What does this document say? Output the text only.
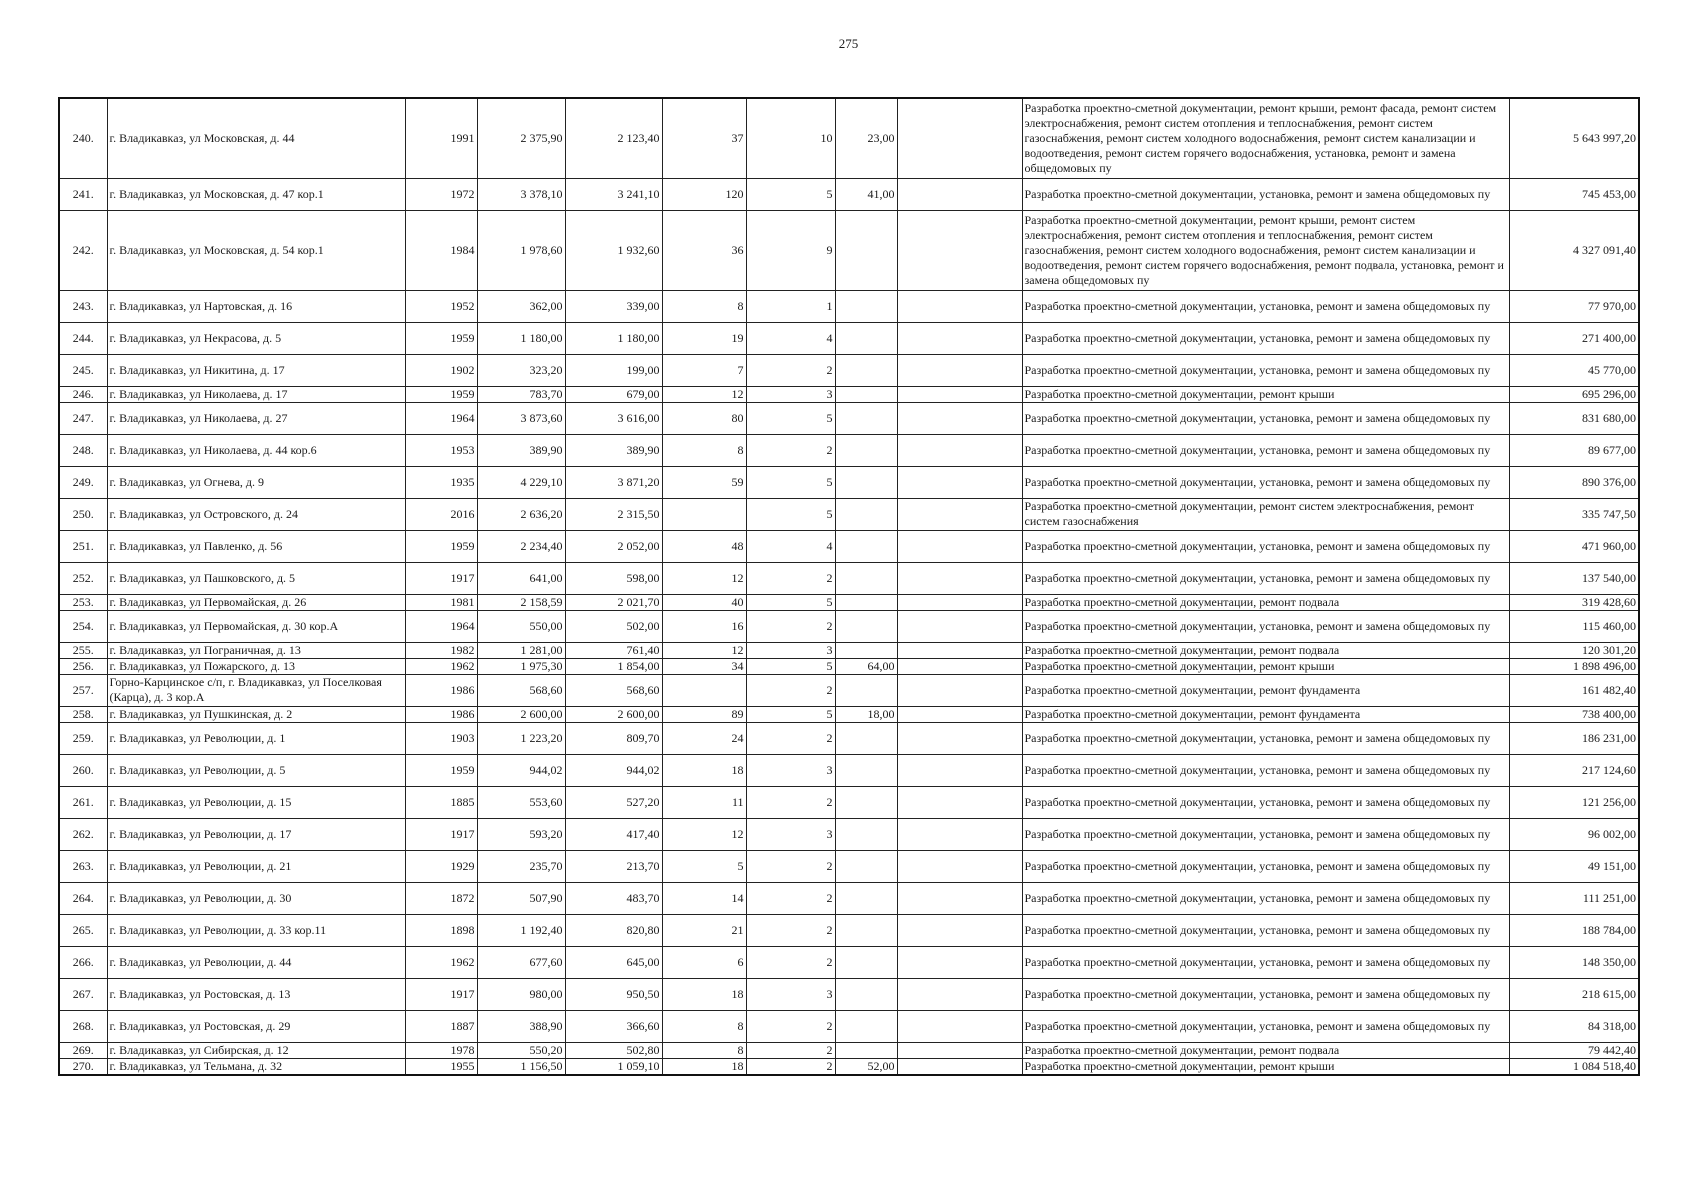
275
240.	г. Владикавказ, ул Московская, д. 44	1991	2 375,90	2 123,40	37	10	23,00		Разработка проектно-сметной документации, ремонт крыши, ремонт фасада, ремонт систем электроснабжения, ремонт систем отопления и теплоснабжения, ремонт систем газоснабжения, ремонт систем холодного водоснабжения, ремонт систем канализации и водоотведения, ремонт систем горячего водоснабжения, установка, ремонт и замена общедомовых пу	5 643 997,20
241.	г. Владикавказ, ул Московская, д. 47 кор.1	1972	3 378,10	3 241,10	120	5	41,00		Разработка проектно-сметной документации, установка, ремонт и замена общедомовых пу	745 453,00
242.	г. Владикавказ, ул Московская, д. 54 кор.1	1984	1 978,60	1 932,60	36	9			Разработка проектно-сметной документации, ремонт крыши, ремонт систем электроснабжения, ремонт систем отопления и теплоснабжения, ремонт систем газоснабжения, ремонт систем холодного водоснабжения, ремонт систем канализации и водоотведения, ремонт систем горячего водоснабжения, ремонт подвала, установка, ремонт и замена общедомовых пу	4 327 091,40
243.	г. Владикавказ, ул Нартовская, д. 16	1952	362,00	339,00	8	1			Разработка проектно-сметной документации, установка, ремонт и замена общедомовых пу	77 970,00
244.	г. Владикавказ, ул Некрасова, д. 5	1959	1 180,00	1 180,00	19	4			Разработка проектно-сметной документации, установка, ремонт и замена общедомовых пу	271 400,00
245.	г. Владикавказ, ул Никитина, д. 17	1902	323,20	199,00	7	2			Разработка проектно-сметной документации, установка, ремонт и замена общедомовых пу	45 770,00
246.	г. Владикавказ, ул Николаева, д. 17	1959	783,70	679,00	12	3			Разработка проектно-сметной документации, ремонт крыши	695 296,00
247.	г. Владикавказ, ул Николаева, д. 27	1964	3 873,60	3 616,00	80	5			Разработка проектно-сметной документации, установка, ремонт и замена общедомовых пу	831 680,00
248.	г. Владикавказ, ул Николаева, д. 44 кор.6	1953	389,90	389,90	8	2			Разработка проектно-сметной документации, установка, ремонт и замена общедомовых пу	89 677,00
249.	г. Владикавказ, ул Огнева, д. 9	1935	4 229,10	3 871,20	59	5			Разработка проектно-сметной документации, установка, ремонт и замена общедомовых пу	890 376,00
250.	г. Владикавказ, ул Островского, д. 24	2016	2 636,20	2 315,50		5			Разработка проектно-сметной документации, ремонт систем электроснабжения, ремонт систем газоснабжения	335 747,50
251.	г. Владикавказ, ул Павленко, д. 56	1959	2 234,40	2 052,00	48	4			Разработка проектно-сметной документации, установка, ремонт и замена общедомовых пу	471 960,00
252.	г. Владикавказ, ул Пашковского, д. 5	1917	641,00	598,00	12	2			Разработка проектно-сметной документации, установка, ремонт и замена общедомовых пу	137 540,00
253.	г. Владикавказ, ул Первомайская, д. 26	1981	2 158,59	2 021,70	40	5			Разработка проектно-сметной документации, ремонт подвала	319 428,60
254.	г. Владикавказ, ул Первомайская, д. 30 кор.А	1964	550,00	502,00	16	2			Разработка проектно-сметной документации, установка, ремонт и замена общедомовых пу	115 460,00
255.	г. Владикавказ, ул Пограничная, д. 13	1982	1 281,00	761,40	12	3			Разработка проектно-сметной документации, ремонт подвала	120 301,20
256.	г. Владикавказ, ул Пожарского, д. 13	1962	1 975,30	1 854,00	34	5	64,00		Разработка проектно-сметной документации, ремонт крыши	1 898 496,00
257.	Горно-Карцинское с/п, г. Владикавказ, ул Поселковая (Карца), д. 3 кор.А	1986	568,60	568,60		2			Разработка проектно-сметной документации, ремонт фундамента	161 482,40
258.	г. Владикавказ, ул Пушкинская, д. 2	1986	2 600,00	2 600,00	89	5	18,00		Разработка проектно-сметной документации, ремонт фундамента	738 400,00
259.	г. Владикавказ, ул Революции, д. 1	1903	1 223,20	809,70	24	2			Разработка проектно-сметной документации, установка, ремонт и замена общедомовых пу	186 231,00
260.	г. Владикавказ, ул Революции, д. 5	1959	944,02	944,02	18	3			Разработка проектно-сметной документации, установка, ремонт и замена общедомовых пу	217 124,60
261.	г. Владикавказ, ул Революции, д. 15	1885	553,60	527,20	11	2			Разработка проектно-сметной документации, установка, ремонт и замена общедомовых пу	121 256,00
262.	г. Владикавказ, ул Революции, д. 17	1917	593,20	417,40	12	3			Разработка проектно-сметной документации, установка, ремонт и замена общедомовых пу	96 002,00
263.	г. Владикавказ, ул Революции, д. 21	1929	235,70	213,70	5	2			Разработка проектно-сметной документации, установка, ремонт и замена общедомовых пу	49 151,00
264.	г. Владикавказ, ул Революции, д. 30	1872	507,90	483,70	14	2			Разработка проектно-сметной документации, установка, ремонт и замена общедомовых пу	111 251,00
265.	г. Владикавказ, ул Революции, д. 33 кор.11	1898	1 192,40	820,80	21	2			Разработка проектно-сметной документации, установка, ремонт и замена общедомовых пу	188 784,00
266.	г. Владикавказ, ул Революции, д. 44	1962	677,60	645,00	6	2			Разработка проектно-сметной документации, установка, ремонт и замена общедомовых пу	148 350,00
267.	г. Владикавказ, ул Ростовская, д. 13	1917	980,00	950,50	18	3			Разработка проектно-сметной документации, установка, ремонт и замена общедомовых пу	218 615,00
268.	г. Владикавказ, ул Ростовская, д. 29	1887	388,90	366,60	8	2			Разработка проектно-сметной документации, установка, ремонт и замена общедомовых пу	84 318,00
269.	г. Владикавказ, ул Сибирская, д. 12	1978	550,20	502,80	8	2			Разработка проектно-сметной документации, ремонт подвала	79 442,40
270.	г. Владикавказ, ул Тельмана, д. 32	1955	1 156,50	1 059,10	18	2	52,00		Разработка проектно-сметной документации, ремонт крыши	1 084 518,40
